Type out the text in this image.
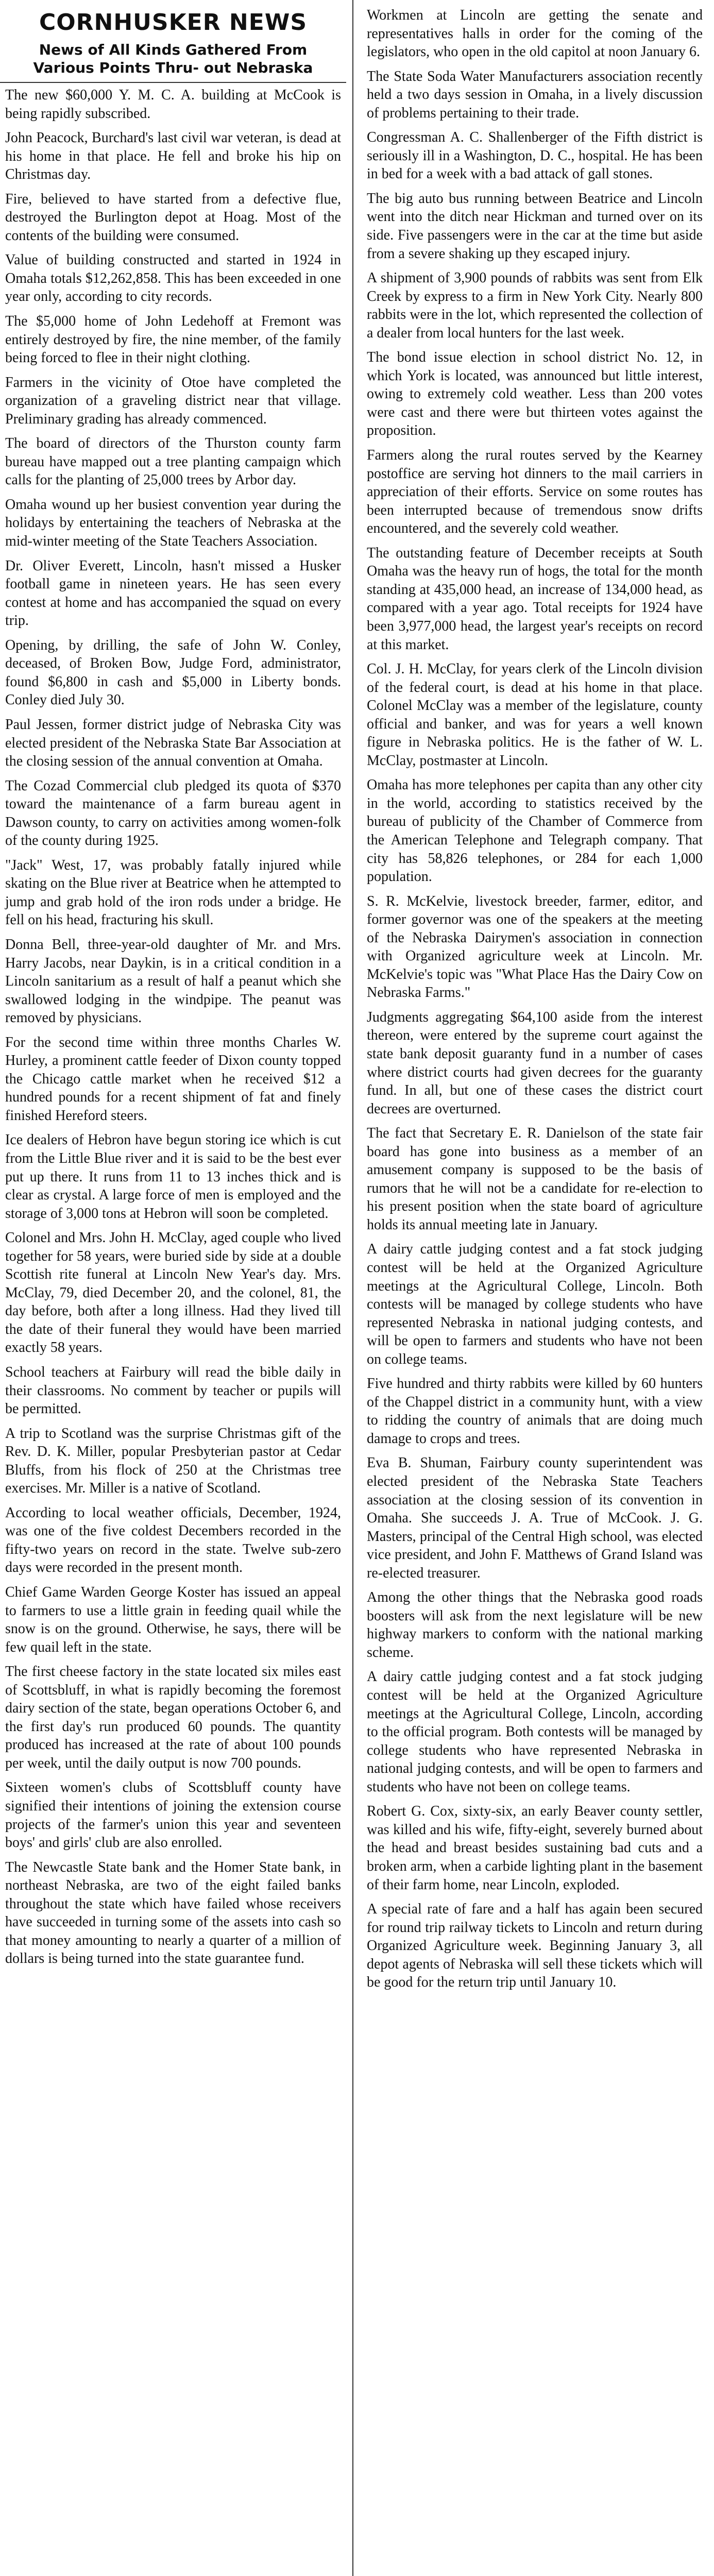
CORNHUSKER NEWS
News of All Kinds Gathered From Various Points Thru- out Nebraska

The new $60,000 Y. M. C. A. building at McCook is being rapidly subscribed.

John Peacock, Burchard's last civil war veteran, is dead at his home in that place. He fell and broke his hip on Christmas day.

Fire, believed to have started from a defective flue, destroyed the Burlington depot at Hoag. Most of the contents of the building were consumed.

Value of building constructed and started in 1924 in Omaha totals $12,262,858. This has been exceeded in one year only, according to city records.

The $5,000 home of John Ledehoff at Fremont was entirely destroyed by fire, the nine member, of the family being forced to flee in their night clothing.

Farmers in the vicinity of Otoe have completed the organization of a graveling district near that village. Preliminary grading has already commenced.

The board of directors of the Thurston county farm bureau have mapped out a tree planting campaign which calls for the planting of 25,000 trees by Arbor day.

Omaha wound up her busiest convention year during the holidays by entertaining the teachers of Nebraska at the mid-winter meeting of the State Teachers Association.

Dr. Oliver Everett, Lincoln, hasn't missed a Husker football game in nineteen years. He has seen every contest at home and has accompanied the squad on every trip.

Opening, by drilling, the safe of John W. Conley, deceased, of Broken Bow, Judge Ford, administrator, found $6,800 in cash and $5,000 in Liberty bonds. Conley died July 30.

Paul Jessen, former district judge of Nebraska City was elected president of the Nebraska State Bar Association at the closing session of the annual convention at Omaha.

The Cozad Commercial club pledged its quota of $370 toward the maintenance of a farm bureau agent in Dawson county, to carry on activities among women-folk of the county during 1925.

"Jack" West, 17, was probably fatally injured while skating on the Blue river at Beatrice when he attempted to jump and grab hold of the iron rods under a bridge. He fell on his head, fracturing his skull.

Donna Bell, three-year-old daughter of Mr. and Mrs. Harry Jacobs, near Daykin, is in a critical condition in a Lincoln sanitarium as a result of half a peanut which she swallowed lodging in the windpipe. The peanut was removed by physicians.

For the second time within three months Charles W. Hurley, a prominent cattle feeder of Dixon county topped the Chicago cattle market when he received $12 a hundred pounds for a recent shipment of fat and finely finished Hereford steers.

Ice dealers of Hebron have begun storing ice which is cut from the Little Blue river and it is said to be the best ever put up there. It runs from 11 to 13 inches thick and is clear as crystal. A large force of men is employed and the storage of 3,000 tons at Hebron will soon be completed.

Colonel and Mrs. John H. McClay, aged couple who lived together for 58 years, were buried side by side at a double Scottish rite funeral at Lincoln New Year's day. Mrs. McClay, 79, died December 20, and the colonel, 81, the day before, both after a long illness. Had they lived till the date of their funeral they would have been married exactly 58 years.

School teachers at Fairbury will read the bible daily in their classrooms. No comment by teacher or pupils will be permitted.

A trip to Scotland was the surprise Christmas gift of the Rev. D. K. Miller, popular Presbyterian pastor at Cedar Bluffs, from his flock of 250 at the Christmas tree exercises. Mr. Miller is a native of Scotland.

According to local weather officials, December, 1924, was one of the five coldest Decembers recorded in the fifty-two years on record in the state. Twelve sub-zero days were recorded in the present month.

Chief Game Warden George Koster has issued an appeal to farmers to use a little grain in feeding quail while the snow is on the ground. Otherwise, he says, there will be few quail left in the state.

The first cheese factory in the state located six miles east of Scottsbluff, in what is rapidly becoming the foremost dairy section of the state, began operations October 6, and the first day's run produced 60 pounds. The quantity produced has increased at the rate of about 100 pounds per week, until the daily output is now 700 pounds.

Sixteen women's clubs of Scottsbluff county have signified their intentions of joining the extension course projects of the farmer's union this year and seventeen boys' and girls' club are also enrolled.

The Newcastle State bank and the Homer State bank, in northeast Nebraska, are two of the eight failed banks throughout the state which have failed whose receivers have succeeded in turning some of the assets into cash so that money amounting to nearly a quarter of a million of dollars is being turned into the state guarantee fund.

Workmen at Lincoln are getting the senate and representatives halls in order for the coming of the legislators, who open in the old capitol at noon January 6.

The State Soda Water Manufacturers association recently held a two days session in Omaha, in a lively discussion of problems pertaining to their trade.

Congressman A. C. Shallenberger of the Fifth district is seriously ill in a Washington, D. C., hospital. He has been in bed for a week with a bad attack of gall stones.

The big auto bus running between Beatrice and Lincoln went into the ditch near Hickman and turned over on its side. Five passengers were in the car at the time but aside from a severe shaking up they escaped injury.

A shipment of 3,900 pounds of rabbits was sent from Elk Creek by express to a firm in New York City. Nearly 800 rabbits were in the lot, which represented the collection of a dealer from local hunters for the last week.

The bond issue election in school district No. 12, in which York is located, was announced but little interest, owing to extremely cold weather. Less than 200 votes were cast and there were but thirteen votes against the proposition.

Farmers along the rural routes served by the Kearney postoffice are serving hot dinners to the mail carriers in appreciation of their efforts. Service on some routes has been interrupted because of tremendous snow drifts encountered, and the severely cold weather.

The outstanding feature of December receipts at South Omaha was the heavy run of hogs, the total for the month standing at 435,000 head, an increase of 134,000 head, as compared with a year ago. Total receipts for 1924 have been 3,977,000 head, the largest year's receipts on record at this market.

Col. J. H. McClay, for years clerk of the Lincoln division of the federal court, is dead at his home in that place. Colonel McClay was a member of the legislature, county official and banker, and was for years a well known figure in Nebraska politics. He is the father of W. L. McClay, postmaster at Lincoln.

Omaha has more telephones per capita than any other city in the world, according to statistics received by the bureau of publicity of the Chamber of Commerce from the American Telephone and Telegraph company. That city has 58,826 telephones, or 284 for each 1,000 population.

S. R. McKelvie, livestock breeder, farmer, editor, and former governor was one of the speakers at the meeting of the Nebraska Dairymen's association in connection with Organized agriculture week at Lincoln. Mr. McKelvie's topic was "What Place Has the Dairy Cow on Nebraska Farms."

Judgments aggregating $64,100 aside from the interest thereon, were entered by the supreme court against the state bank deposit guaranty fund in a number of cases where district courts had given decrees for the guaranty fund. In all, but one of these cases the district court decrees are overturned.

The fact that Secretary E. R. Danielson of the state fair board has gone into business as a member of an amusement company is supposed to be the basis of rumors that he will not be a candidate for re-election to his present position when the state board of agriculture holds its annual meeting late in January.

A dairy cattle judging contest and a fat stock judging contest will be held at the Organized Agriculture meetings at the Agricultural College, Lincoln. Both contests will be managed by college students who have represented Nebraska in national judging contests, and will be open to farmers and students who have not been on college teams.

Five hundred and thirty rabbits were killed by 60 hunters of the Chappel district in a community hunt, with a view to ridding the country of animals that are doing much damage to crops and trees.

Eva B. Shuman, Fairbury county superintendent was elected president of the Nebraska State Teachers association at the closing session of its convention in Omaha. She succeeds J. A. True of McCook. J. G. Masters, principal of the Central High school, was elected vice president, and John F. Matthews of Grand Island was re-elected treasurer.

Among the other things that the Nebraska good roads boosters will ask from the next legislature will be new highway markers to conform with the national marking scheme.

A dairy cattle judging contest and a fat stock judging contest will be held at the Organized Agriculture meetings at the Agricultural College, Lincoln, according to the official program. Both contests will be managed by college students who have represented Nebraska in national judging contests, and will be open to farmers and students who have not been on college teams.

Robert G. Cox, sixty-six, an early Beaver county settler, was killed and his wife, fifty-eight, severely burned about the head and breast besides sustaining bad cuts and a broken arm, when a carbide lighting plant in the basement of their farm home, near Lincoln, exploded.

A special rate of fare and a half has again been secured for round trip railway tickets to Lincoln and return during Organized Agriculture week. Beginning January 3, all depot agents of Nebraska will sell these tickets which will be good for the return trip until January 10.
